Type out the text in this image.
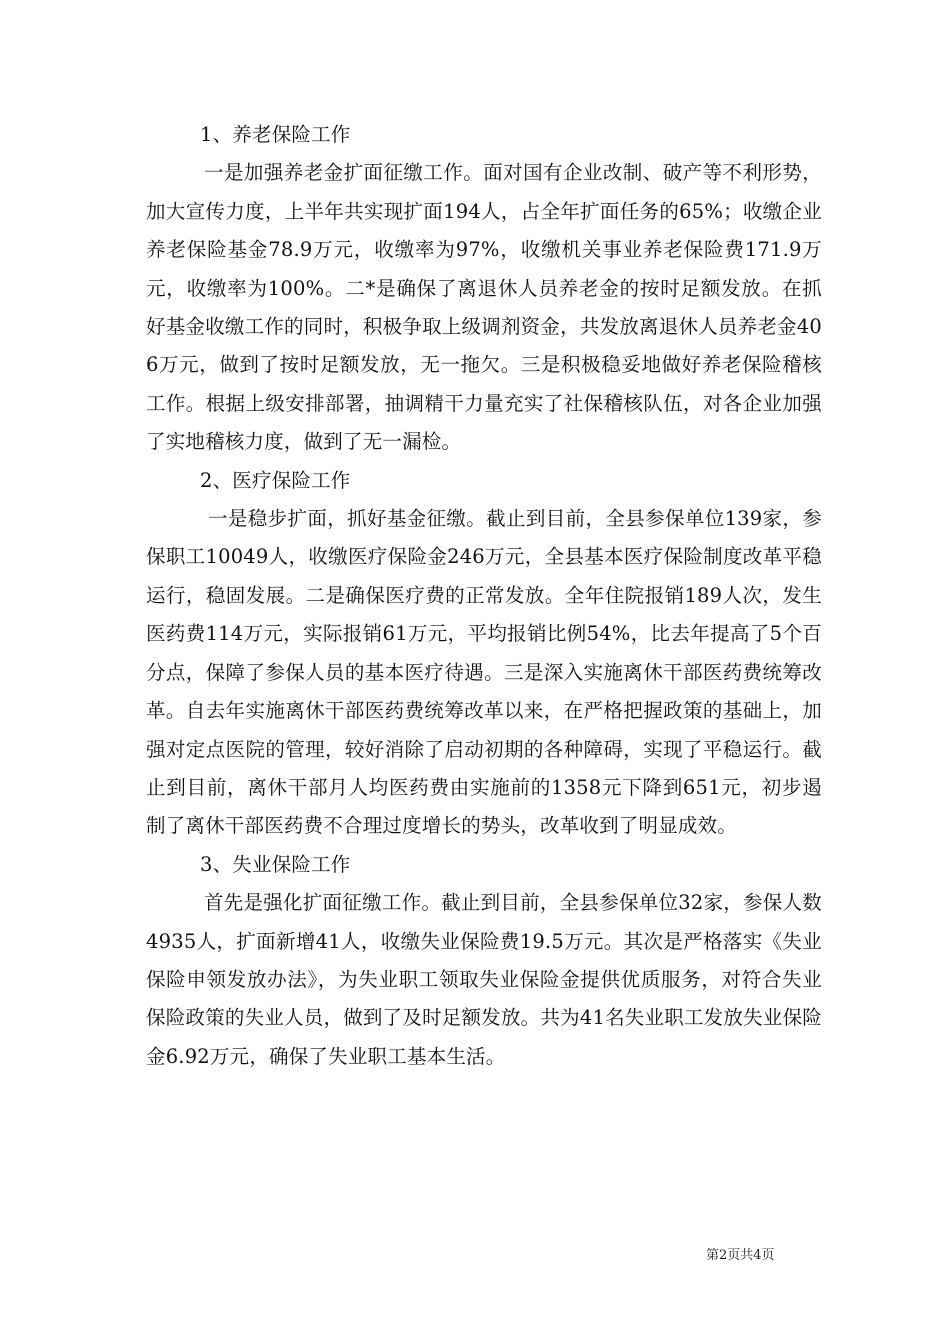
1、养老保险工作

一是加强养老金扩面征缴工作。面对国有企业改制、破产等不利形势，加大宣传力度，上半年共实现扩面194人，占全年扩面任务的65%；收缴企业养老保险基金78.9万元，收缴率为97%，收缴机关事业养老保险费171.9万元，收缴率为100%。二*是确保了离退休人员养老金的按时足额发放。在抓好基金收缴工作的同时，积极争取上级调剂资金，共发放离退休人员养老金406万元，做到了按时足额发放，无一拖欠。三是积极稳妥地做好养老保险稽核工作。根据上级安排部署，抽调精干力量充实了社保稽核队伍，对各企业加强了实地稽核力度，做到了无一漏检。

2、医疗保险工作

一是稳步扩面，抓好基金征缴。截止到目前，全县参保单位139家，参保职工10049人，收缴医疗保险金246万元，全县基本医疗保险制度改革平稳运行，稳固发展。二是确保医疗费的正常发放。全年住院报销189人次，发生医药费114万元，实际报销61万元，平均报销比例54%，比去年提高了5个百分点，保障了参保人员的基本医疗待遇。三是深入实施离休干部医药费统筹改革。自去年实施离休干部医药费统筹改革以来，在严格把握政策的基础上，加强对定点医院的管理，较好消除了启动初期的各种障碍，实现了平稳运行。截止到目前，离休干部月人均医药费由实施前的1358元下降到651元，初步遏制了离休干部医药费不合理过度增长的势头，改革收到了明显成效。

3、失业保险工作

首先是强化扩面征缴工作。截止到目前，全县参保单位32家，参保人数4935人，扩面新增41人，收缴失业保险费19.5万元。其次是严格落实《失业保险申领发放办法》，为失业职工领取失业保险金提供优质服务，对符合失业保险政策的失业人员，做到了及时足额发放。共为41名失业职工发放失业保险金6.92万元，确保了失业职工基本生活。

第2页共4页
